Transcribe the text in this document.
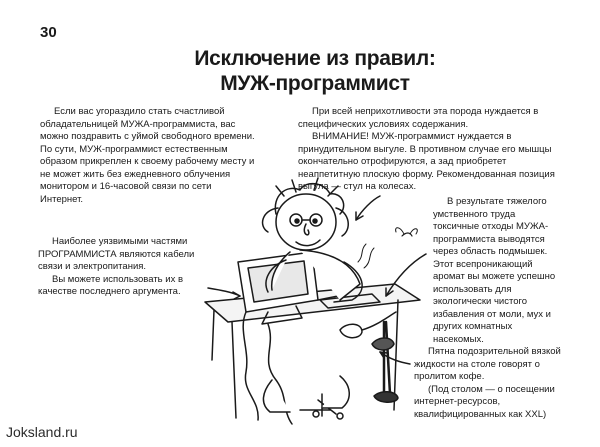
30
Исключение из правил:
МУЖ-программист

Если вас угораздило стать счастливой обладательницей МУЖА-программиста, вас можно поздравить с уймой свободного времени. По сути, МУЖ-программист естественным образом прикреплен к своему рабочему месту и не может жить без ежедневного облучения монитором и 16-часовой связи по сети Интернет.

При всей неприхотливости эта порода нуждается в специфических условиях содержания.

ВНИМАНИЕ! МУЖ-программист нуждается в принудительном выгуле. В противном случае его мышцы окончательно отрофируются, а зад приобретет неаппетитную плоскую форму. Рекомендованная позиция выгула — стул на колесах.

Наиболее уязвимыми частями ПРОГРАММИСТА являются кабели связи и электропитания.

Вы можете использовать их в качестве последнего аргумента.

В результате тяжелого умственного труда токсичные отходы МУЖА-программиста выводятся через область подмышек. Этот всепроникающий аромат вы можете успешно использовать для экологически чистого избавления от моли, мух и других комнатных насекомых.

Пятна подозрительной вязкой жидкости на столе говорят о пролитом кофе.

(Под столом — о посещении интернет-ресурсов, квалифицированных как XXL)

Joksland.ru
